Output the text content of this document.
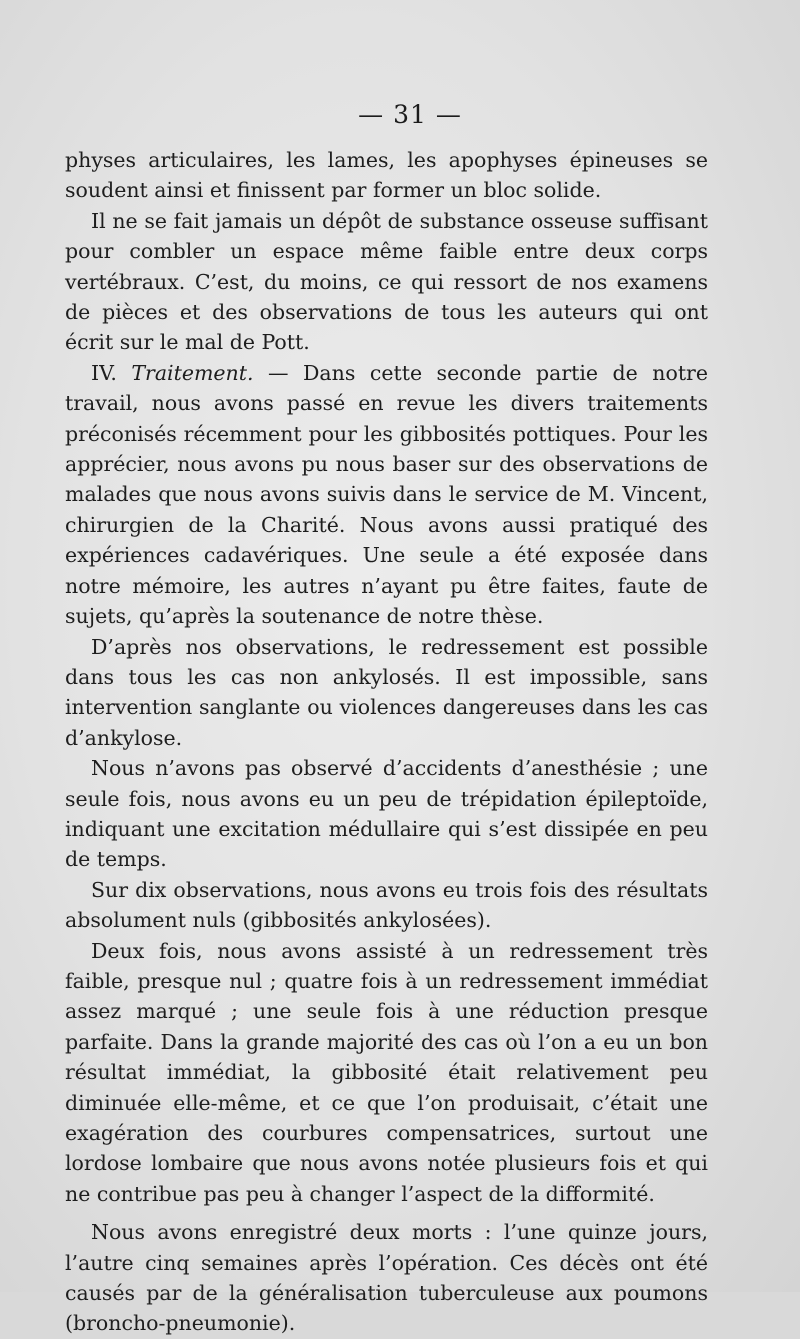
— 31 —

physes articulaires, les lames, les apophyses épineuses se soudent ainsi et finissent par former un bloc solide.

Il ne se fait jamais un dépôt de substance osseuse suffisant pour combler un espace même faible entre deux corps vertébraux. C’est, du moins, ce qui ressort de nos examens de pièces et des observations de tous les auteurs qui ont écrit sur le mal de Pott.

IV. Traitement. — Dans cette seconde partie de notre travail, nous avons passé en revue les divers traitements préconisés récemment pour les gibbosités pottiques. Pour les apprécier, nous avons pu nous baser sur des observations de malades que nous avons suivis dans le service de M. Vincent, chirurgien de la Charité. Nous avons aussi pratiqué des expériences cadavériques. Une seule a été exposée dans notre mémoire, les autres n’ayant pu être faites, faute de sujets, qu’après la soutenance de notre thèse.

D’après nos observations, le redressement est possible dans tous les cas non ankylosés. Il est impossible, sans intervention sanglante ou violences dangereuses dans les cas d’ankylose.

Nous n’avons pas observé d’accidents d’anesthésie ; une seule fois, nous avons eu un peu de trépidation épileptoïde, indiquant une excitation médullaire qui s’est dissipée en peu de temps.

Sur dix observations, nous avons eu trois fois des résultats absolument nuls (gibbosités ankylosées).

Deux fois, nous avons assisté à un redressement très faible, presque nul ; quatre fois à un redressement immédiat assez marqué ; une seule fois à une réduction presque parfaite. Dans la grande majorité des cas où l’on a eu un bon résultat immédiat, la gibbosité était relativement peu diminuée elle-même, et ce que l’on produisait, c’était une exagération des courbures compensatrices, surtout une lordose lombaire que nous avons notée plusieurs fois et qui ne contribue pas peu à changer l’aspect de la difformité.

Nous avons enregistré deux morts : l’une quinze jours, l’autre cinq semaines après l’opération. Ces décès ont été causés par de la généralisation tuberculeuse aux poumons (broncho-pneumonie).
